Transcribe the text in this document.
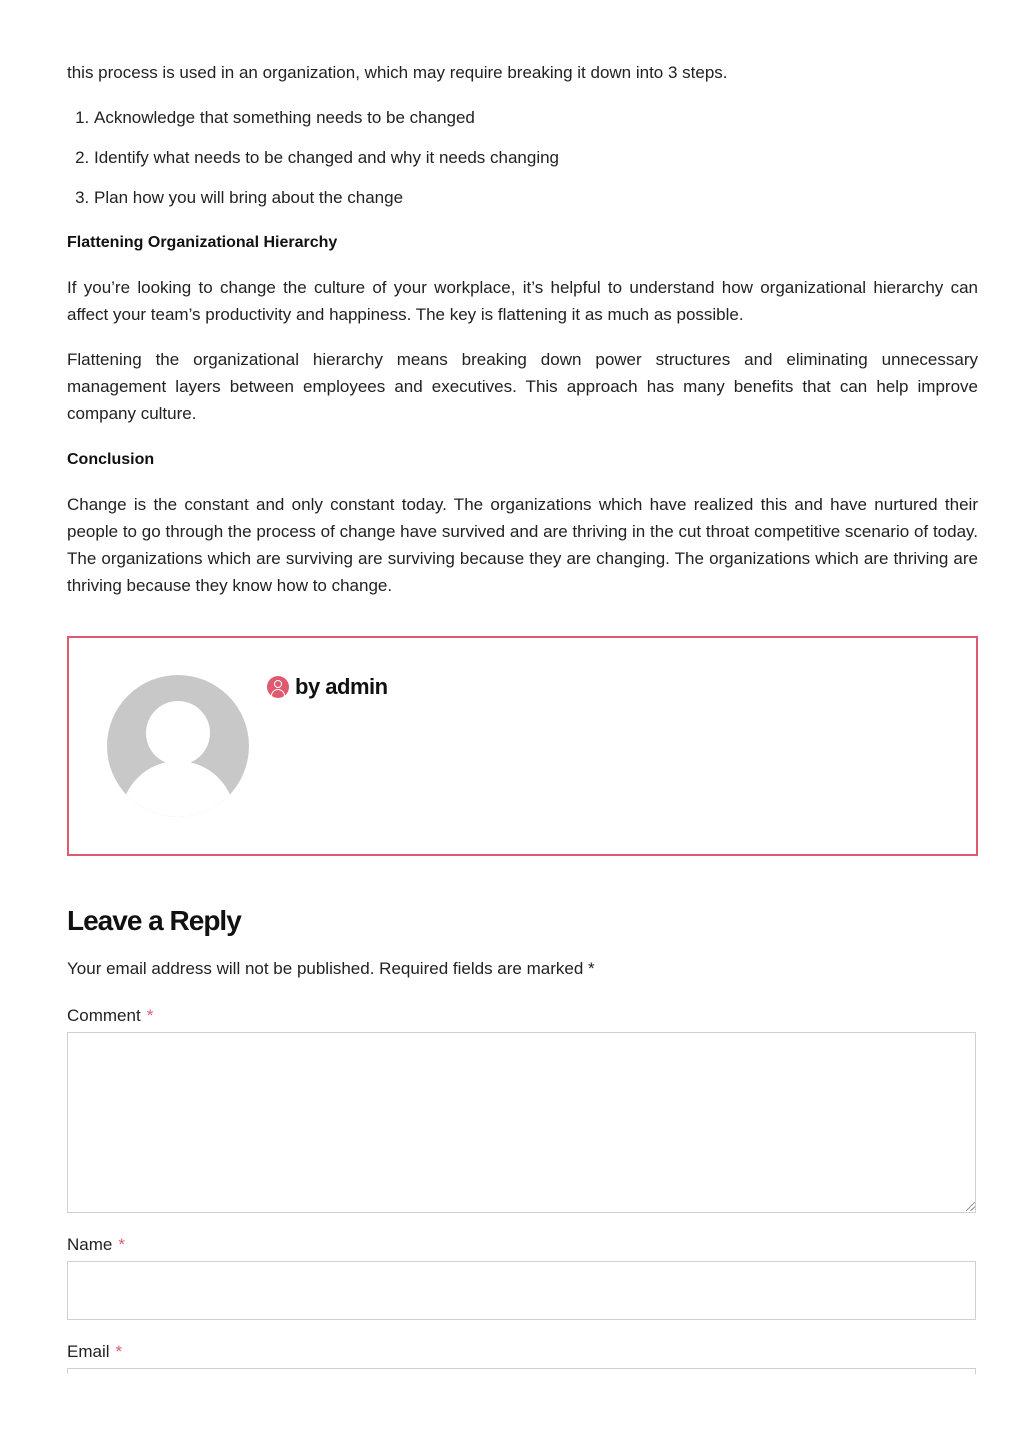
this process is used in an organization, which may require breaking it down into 3 steps.

1. Acknowledge that something needs to be changed
2. Identify what needs to be changed and why it needs changing
3. Plan how you will bring about the change
Flattening Organizational Hierarchy

If you’re looking to change the culture of your workplace, it’s helpful to understand how organizational hierarchy can affect your team’s productivity and happiness. The key is flattening it as much as possible.

Flattening the organizational hierarchy means breaking down power structures and eliminating unnecessary management layers between employees and executives. This approach has many benefits that can help improve company culture.

Conclusion

Change is the constant and only constant today. The organizations which have realized this and have nurtured their people to go through the process of change have survived and are thriving in the cut throat competitive scenario of today. The organizations which are surviving are surviving because they are changing. The organizations which are thriving are thriving because they know how to change.

by admin
Leave a Reply
Your email address will not be published. Required fields are marked *
Comment *
Name *
Email *
